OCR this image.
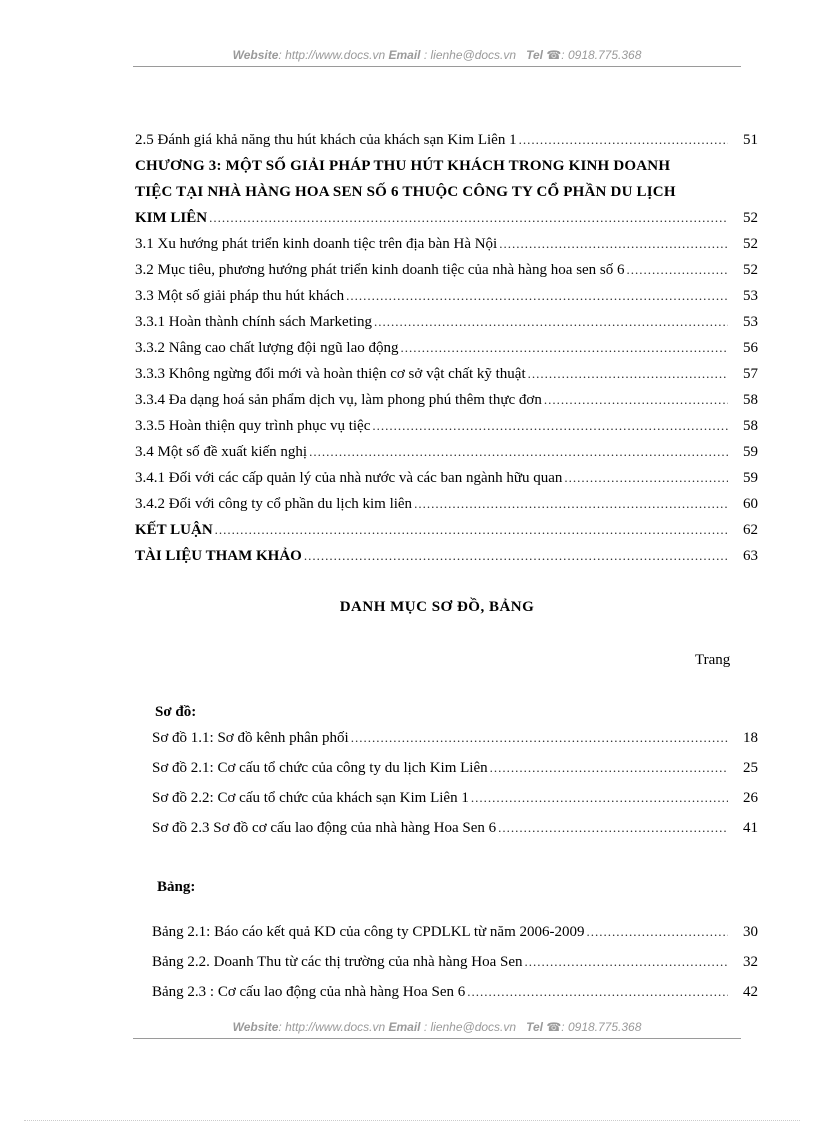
Website: http://www.docs.vn Email : lienhe@docs.vn Tel ☎: 0918.775.368
2.5 Đánh giá khả năng thu hút khách của khách sạn Kim Liên 1 .....	51
CHƯƠNG 3: MỘT SỐ GIẢI PHÁP THU HÚT KHÁCH TRONG KINH DOANH
TIỆC TẠI NHÀ HÀNG HOA SEN SỐ 6 THUỘC CÔNG TY CỔ PHẦN DU LỊCH
KIM LIÊN .....	52
3.1 Xu hướng phát triển kinh doanh tiệc trên địa bàn Hà Nội .....	52
3.2 Mục tiêu, phương hướng phát triển kinh doanh tiệc của nhà hàng hoa sen số 6 .....	52
3.3 Một số giải pháp thu hút khách .....	53
3.3.1 Hoàn thành chính sách Marketing .....	53
3.3.2 Nâng cao chất lượng đội ngũ lao động .....	56
3.3.3 Không ngừng đổi mới và hoàn thiện cơ sở vật chất kỹ thuật .....	57
3.3.4 Đa dạng hoá sản phẩm dịch vụ, làm phong phú thêm thực đơn .....	58
3.3.5 Hoàn thiện quy trình phục vụ tiệc .....	58
3.4 Một số đề xuất kiến nghị .....	59
3.4.1 Đối với các cấp quản lý của nhà nước và các ban ngành hữu quan .....	59
3.4.2 Đối với công ty cổ phần du lịch kim liên .....	60
KẾT LUẬN .....	62
TÀI LIỆU THAM KHẢO .....	63
DANH MỤC SƠ ĐỒ, BẢNG
Trang
Sơ đồ:
Sơ đồ 1.1: Sơ đồ kênh phân phối .....	18
Sơ đồ 2.1: Cơ cấu tổ chức của công ty du lịch Kim Liên .....	25
Sơ đồ 2.2: Cơ cấu tổ chức của khách sạn Kim Liên 1 .....	26
Sơ đồ 2.3 Sơ đồ cơ cấu lao động của nhà hàng Hoa Sen 6 .....	41
Bảng:
Bảng 2.1: Báo cáo kết quả KD của công ty CPDLKL từ năm 2006-2009 .....	30
Bảng 2.2. Doanh Thu từ các thị trường của nhà hàng Hoa Sen .....	32
Bảng 2.3 : Cơ cấu lao động của nhà hàng Hoa Sen 6 .....	42
Website: http://www.docs.vn Email : lienhe@docs.vn Tel ☎: 0918.775.368
